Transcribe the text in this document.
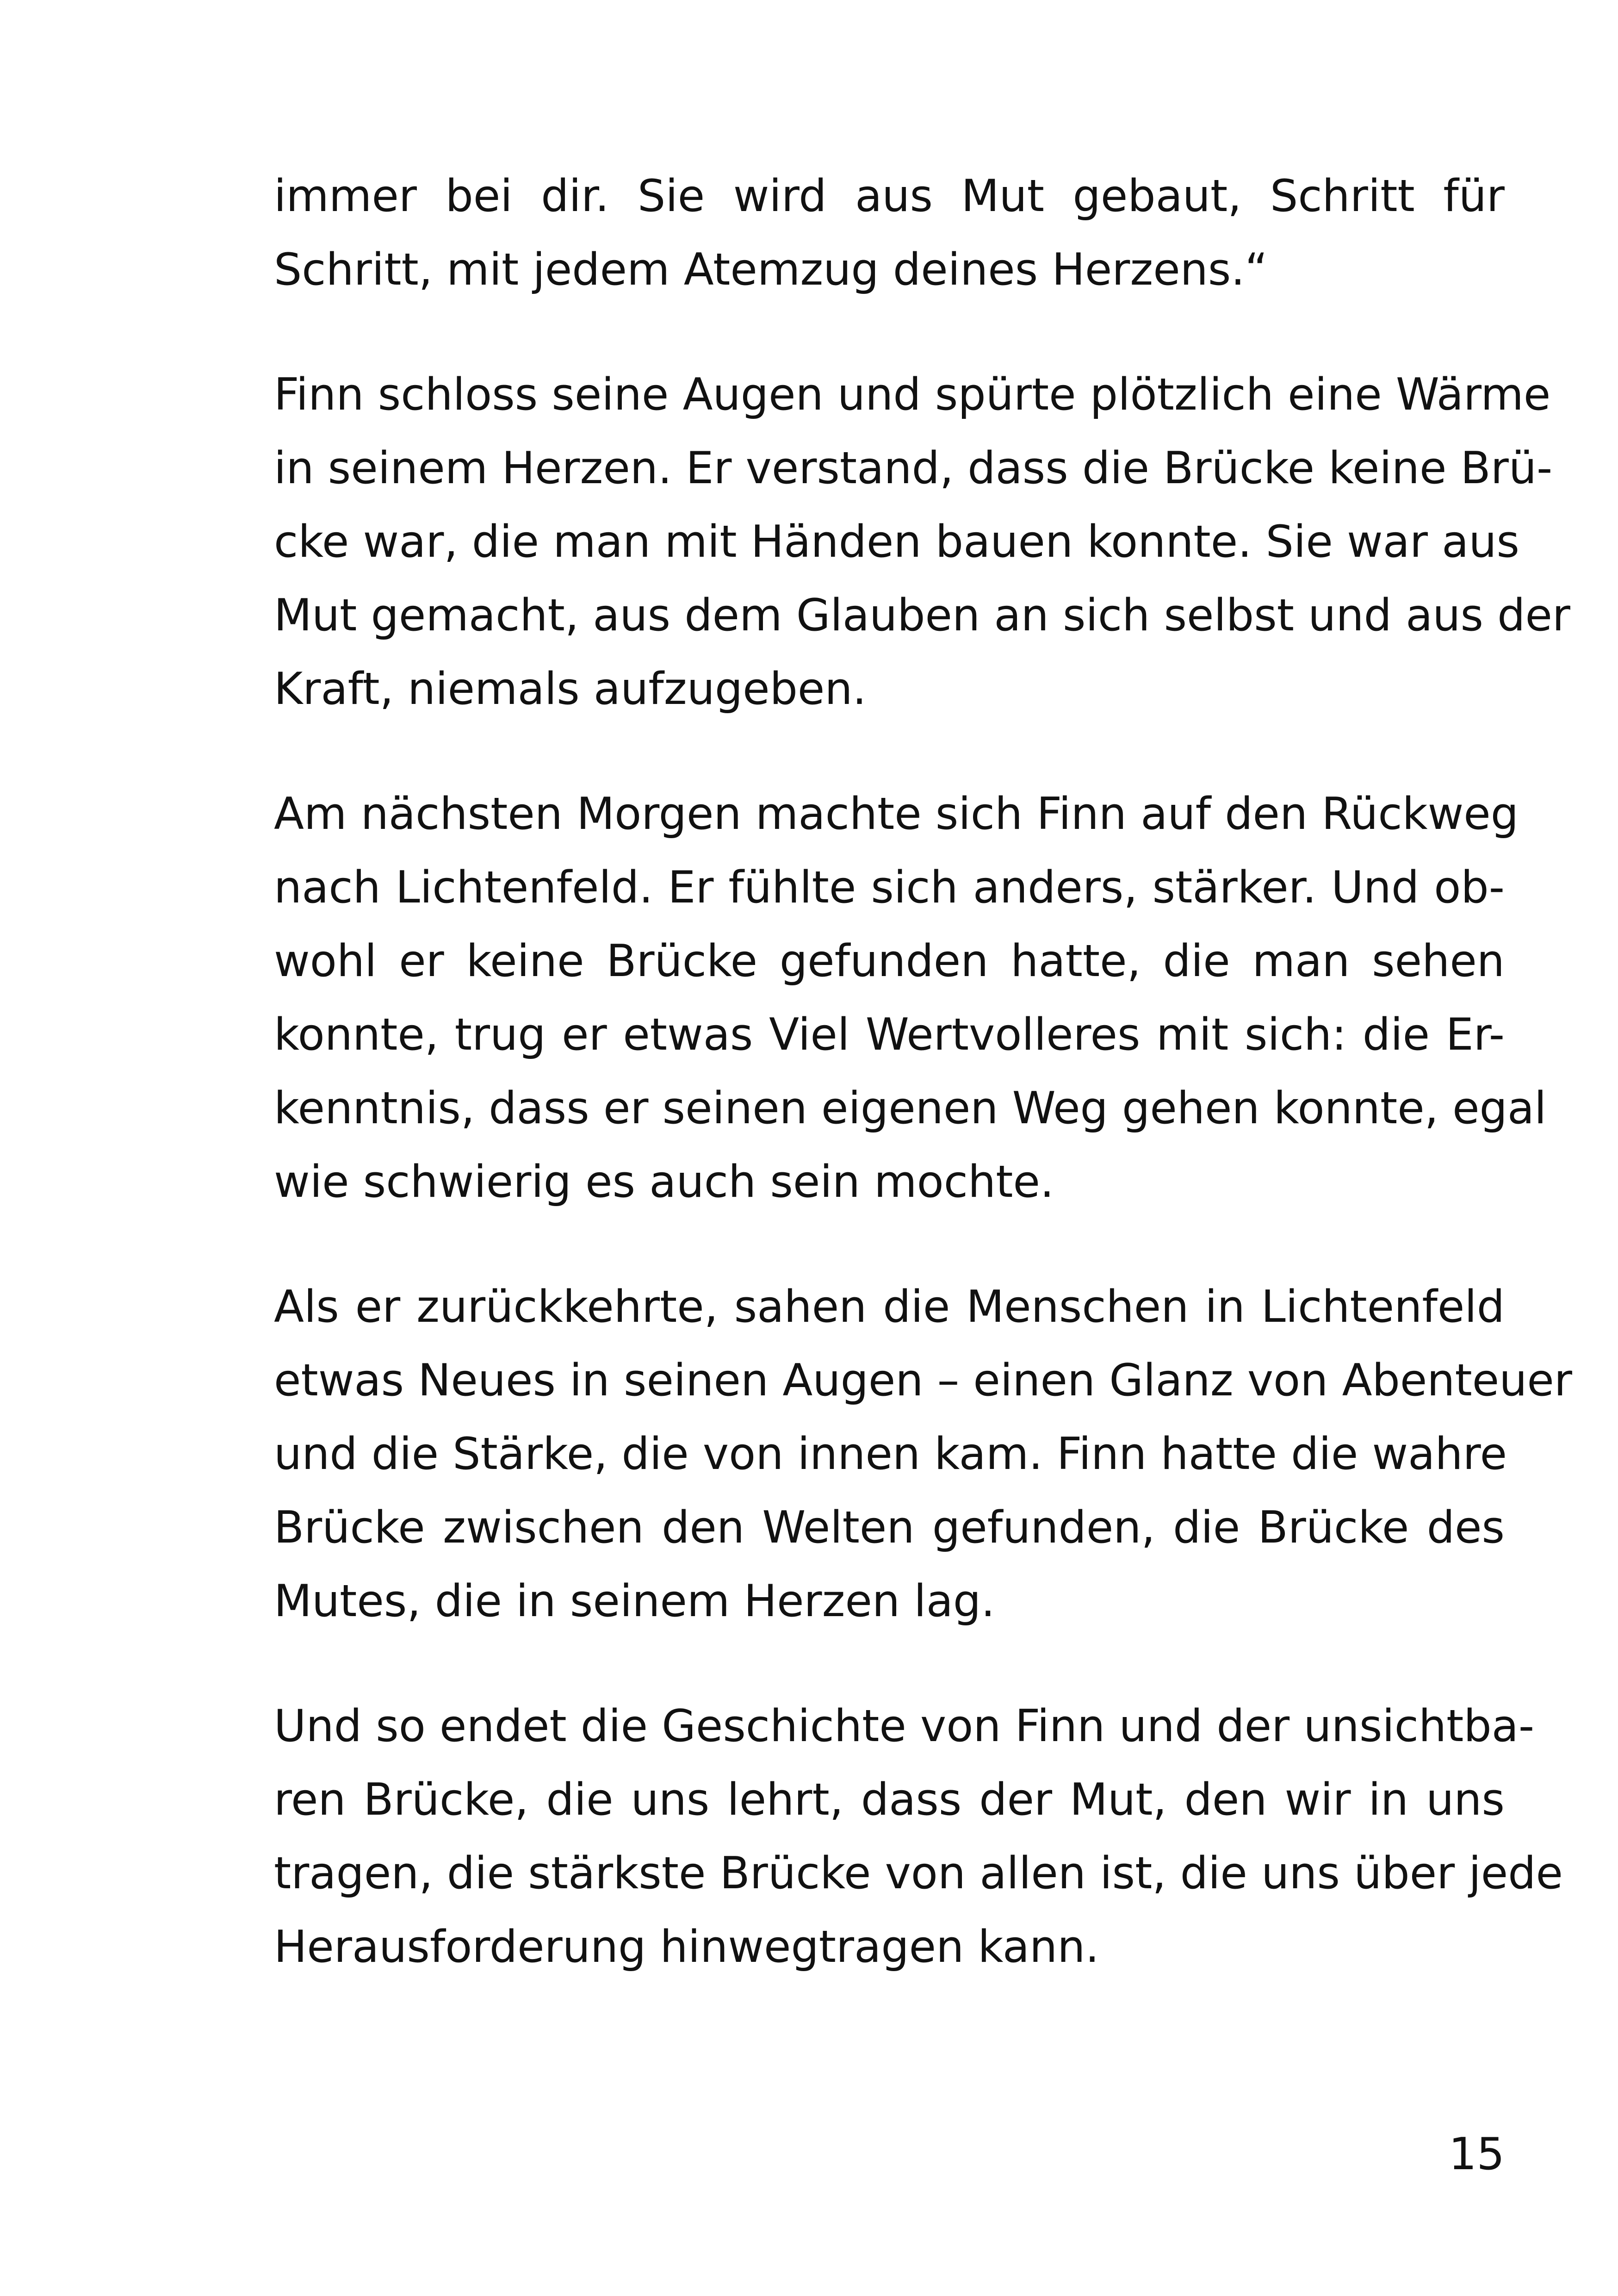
immer bei dir. Sie wird aus Mut gebaut, Schritt für
Schritt, mit jedem Atemzug deines Herzens.“
Finn schloss seine Augen und spürte plötzlich eine Wärme
in seinem Herzen. Er verstand, dass die Brücke keine Brü-
cke war, die man mit Händen bauen konnte. Sie war aus
Mut gemacht, aus dem Glauben an sich selbst und aus der
Kraft, niemals aufzugeben.
Am nächsten Morgen machte sich Finn auf den Rückweg
nach Lichtenfeld. Er fühlte sich anders, stärker. Und ob-
wohl er keine Brücke gefunden hatte, die man sehen
konnte, trug er etwas Viel Wertvolleres mit sich: die Er-
kenntnis, dass er seinen eigenen Weg gehen konnte, egal
wie schwierig es auch sein mochte.
Als er zurückkehrte, sahen die Menschen in Lichtenfeld
etwas Neues in seinen Augen – einen Glanz von Abenteuer
und die Stärke, die von innen kam. Finn hatte die wahre
Brücke zwischen den Welten gefunden, die Brücke des
Mutes, die in seinem Herzen lag.
Und so endet die Geschichte von Finn und der unsichtba-
ren Brücke, die uns lehrt, dass der Mut, den wir in uns
tragen, die stärkste Brücke von allen ist, die uns über jede
Herausforderung hinwegtragen kann.
15
